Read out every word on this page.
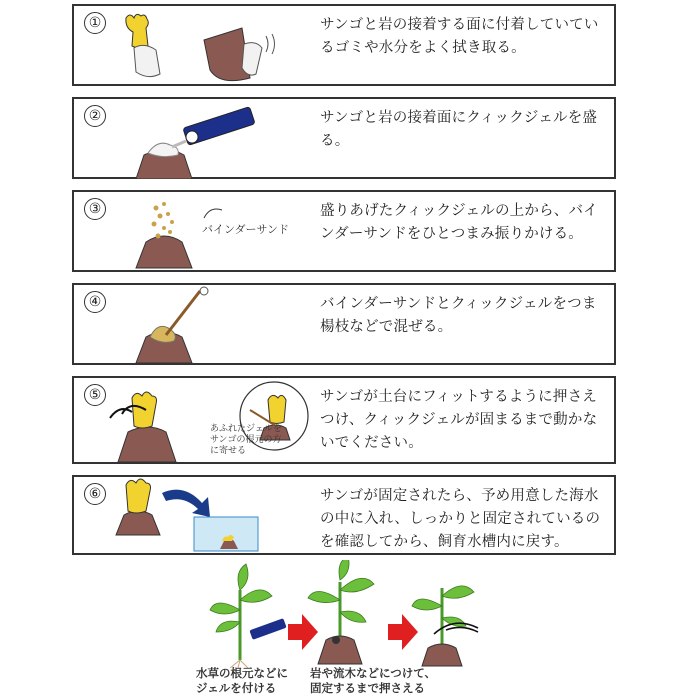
①	サンゴと岩の接着する面に付着していているゴミや水分をよく拭き取る。
②	サンゴと岩の接着面にクィックジェルを盛る。
③
バインダーサンド
盛りあげたクィックジェルの上から、バインダーサンドをひとつまみ振りかける。
④	バインダーサンドとクィックジェルをつま楊枝などで混ぜる。
⑤
あふれたジェルをサンゴの根元の方に寄せる
サンゴが土台にフィットするように押さえつけ、クィックジェルが固まるまで動かないでください。
⑥	サンゴが固定されたら、予め用意した海水の中に入れ、しっかりと固定されているのを確認してから、飼育水槽内に戻す。
水草の根元などにジェルを付ける
岩や流木などにつけて、固定するまで押さえる
